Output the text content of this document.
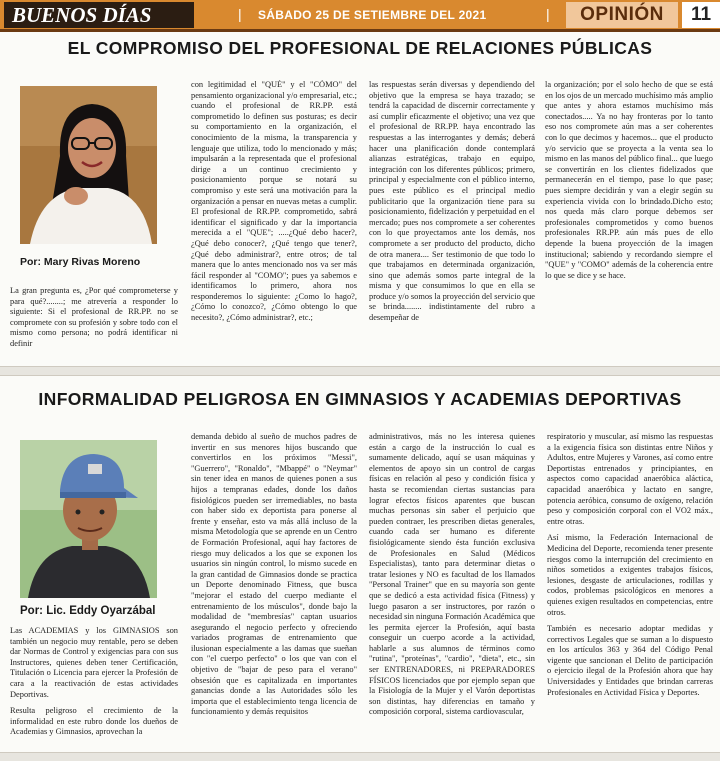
BUENOS DÍAS	| SÁBADO 25 DE SETIEMBRE DEL 2021	|	OPINIÓN	11
EL COMPROMISO DEL PROFESIONAL DE RELACIONES PÚBLICAS
Por: Mary Rivas Moreno

La gran pregunta es, ¿Por qué comprometerse y para qué?........; me atrevería a responder lo siguiente: Si el profesional de RR.PP. no se compromete con su profesión y sobre todo con el mismo como persona; no podrá identificar ni definir

con legitimidad el "QUÉ" y el "CÓMO" del pensamiento organizacional y/o empresarial, etc.; cuando el profesional de RR.PP. está comprometido lo definen sus posturas; es decir su comportamiento en la organización, el conocimiento de la misma, la transparencia y lenguaje que utiliza, todo lo mencionado y más; impulsarán a la representada que el profesional dirige a un continuo crecimiento y posicionamiento porque se notará su compromiso y este será una motivación para la organización a pensar en nuevas metas a cumplir. El profesional de RR.PP. comprometido, sabrá identificar el significado y dar la importancia merecida a el "QUE"; .....¿Qué debo hacer?, ¿Qué debo conocer?, ¿Qué tengo que tener?, ¿Qué debo administrar?, entre otros; de tal manera que lo antes mencionado nos va ser más fácil responder al "COMO"; pues ya sabemos e identificamos lo primero, ahora nos responderemos lo siguiente: ¿Como lo hago?, ¿Cómo lo conozco?, ¿Cómo obtengo lo que necesito?, ¿Cómo administrar?, etc.;

las respuestas serán diversas y dependiendo del objetivo que la empresa se haya trazado; se tendrá la capacidad de discernir correctamente y así cumplir eficazmente el objetivo; una vez que el profesional de RR.PP. haya encontrado las respuestas a las interrogantes y demás; deberá hacer una planificación donde contemplará alianzas estratégicas, trabajo en equipo, integración con los diferentes públicos; primero, principal y especialmente con el público interno, pues este público es el principal medio publicitario que la organización tiene para su posicionamiento, fidelización y perpetuidad en el mercado; pues nos compromete a ser coherentes con lo que proyectamos ante los demás, nos compromete a ser producto del producto, dicho de otra manera.... Ser testimonio de que todo lo que trabajamos en determinada organización, sino que además somos parte integral de la misma y que consumimos lo que en ella se produce y/o somos la proyección del servicio que se brinda........ indistintamente del rubro a desempeñar de

la organización; por el solo hecho de que se está en los ojos de un mercado muchísimo más amplio que antes y ahora estamos muchísimo más conectados..... Ya no hay fronteras por lo tanto eso nos compromete aún mas a ser coherentes con lo que decimos y hacemos... que el producto y/o servicio que se proyecta a la venta sea lo mismo en las manos del público final... que luego se convertirán en los clientes fidelizados que permanecerán en el tiempo, pase lo que pase; pues siempre decidirán y van a elegir según su experiencia vivida con lo brindado.Dicho esto; nos queda más claro porque debemos ser profesionales comprometidos y como buenos profesionales RR.PP. aún más pues de ello depende la buena proyección de la imagen institucional; sabiendo y recordando siempre el "QUE" y "COMO" además de la coherencia entre lo que se dice y se hace.

INFORMALIDAD PELIGROSA EN GIMNASIOS Y ACADEMIAS DEPORTIVAS
Por: Lic. Eddy Oyarzábal

Las ACADEMIAS y los GIMNASIOS son también un negocio muy rentable, pero se deben dar Normas de Control y exigencias para con sus Instructores, quienes deben tener Certificación, Titulación o Licencia para ejercer la Profesión de cara a la reactivación de estas actividades Deportivas.

Resulta peligroso el crecimiento de la informalidad en este rubro donde los dueños de Academias y Gimnasios, aprovechan la

demanda debido al sueño de muchos padres de invertir en sus menores hijos buscando que convertirlos en los próximos "Messi", "Guerrero", "Ronaldo", "Mbappé" o "Neymar" sin tener idea en manos de quienes ponen a sus hijos a tempranas edades, donde los daños fisiológicos pueden ser irremediables, no basta con haber sido ex deportista para ponerse al frente y enseñar, esto va más allá incluso de la misma Metodología que se aprende en un Centro de Formación Profesional, aquí hay factores de riesgo muy delicados a los que se exponen los usuarios sin ningún control, lo mismo sucede en la gran cantidad de Gimnasios donde se practica un Deporte denominado Fitness, que busca "mejorar el estado del cuerpo mediante el entrenamiento de los músculos", donde bajo la modalidad de "membresías" captan usuarios asegurando el negocio perfecto y ofreciendo variados programas de entrenamiento que ilusionan especialmente a las damas que sueñan con "el cuerpo perfecto" o los que van con el objetivo de "bajar de peso para el verano" obsesión que es capitalizada en importantes ganancias donde a las Autoridades sólo les importa que el establecimiento tenga licencia de funcionamiento y demás requisitos

administrativos, más no les interesa quienes están a cargo de la instrucción lo cual es sumamente delicado, aquí se usan máquinas y elementos de apoyo sin un control de cargas físicas en relación al peso y condición física y hasta se recomiendan ciertas sustancias para lograr efectos físicos aparentes que buscan muchas personas sin saber el perjuicio que pueden contraer, les prescriben dietas generales, cuando cada ser humano es diferente fisiológicamente siendo ésta función exclusiva de Profesionales en Salud (Médicos Especialistas), tanto para determinar dietas o tratar lesiones y NO es facultad de los llamados "Personal Trainer" que en su mayoría son gente que se dedicó a esta actividad física (Fitness) y luego pasaron a ser instructores, por razón o necesidad sin ninguna Formación Académica que les permita ejercer la Profesión, aquí basta conseguir un cuerpo acorde a la actividad, hablarle a sus alumnos de términos como "rutina", "proteínas", "cardio", "dieta", etc., sin ser ENTRENADORES, ni PREPARADORES FÍSICOS licenciados que por ejemplo sepan que la Fisiología de la Mujer y el Varón deportistas son distintas, hay diferencias en tamaño y composición corporal, sistema cardiovascular,

respiratorio y muscular, así mismo las respuestas a la exigencia física son distintas entre Niños y Adultos, entre Mujeres y Varones, así como entre Deportistas entrenados y principiantes, en aspectos como capacidad anaeróbica aláctica, capacidad anaeróbica y lactato en sangre, potencia aeróbica, consumo de oxígeno, relación peso y composición corporal con el VO2 máx., entre otras.

Así mismo, la Federación Internacional de Medicina del Deporte, recomienda tener presente riesgos como la interrupción del crecimiento en niños sometidos a exigentes trabajos físicos, lesiones, desgaste de articulaciones, rodillas y codos, problemas psicológicos en menores a quienes exigen resultados en competencias, entre otros.

También es necesario adoptar medidas y correctivos Legales que se suman a lo dispuesto en los artículos 363 y 364 del Código Penal vigente que sancionan el Delito de participación o ejercicio ilegal de la Profesión ahora que hay Universidades y Entidades que brindan carreras Profesionales en Actividad Física y Deportes.
